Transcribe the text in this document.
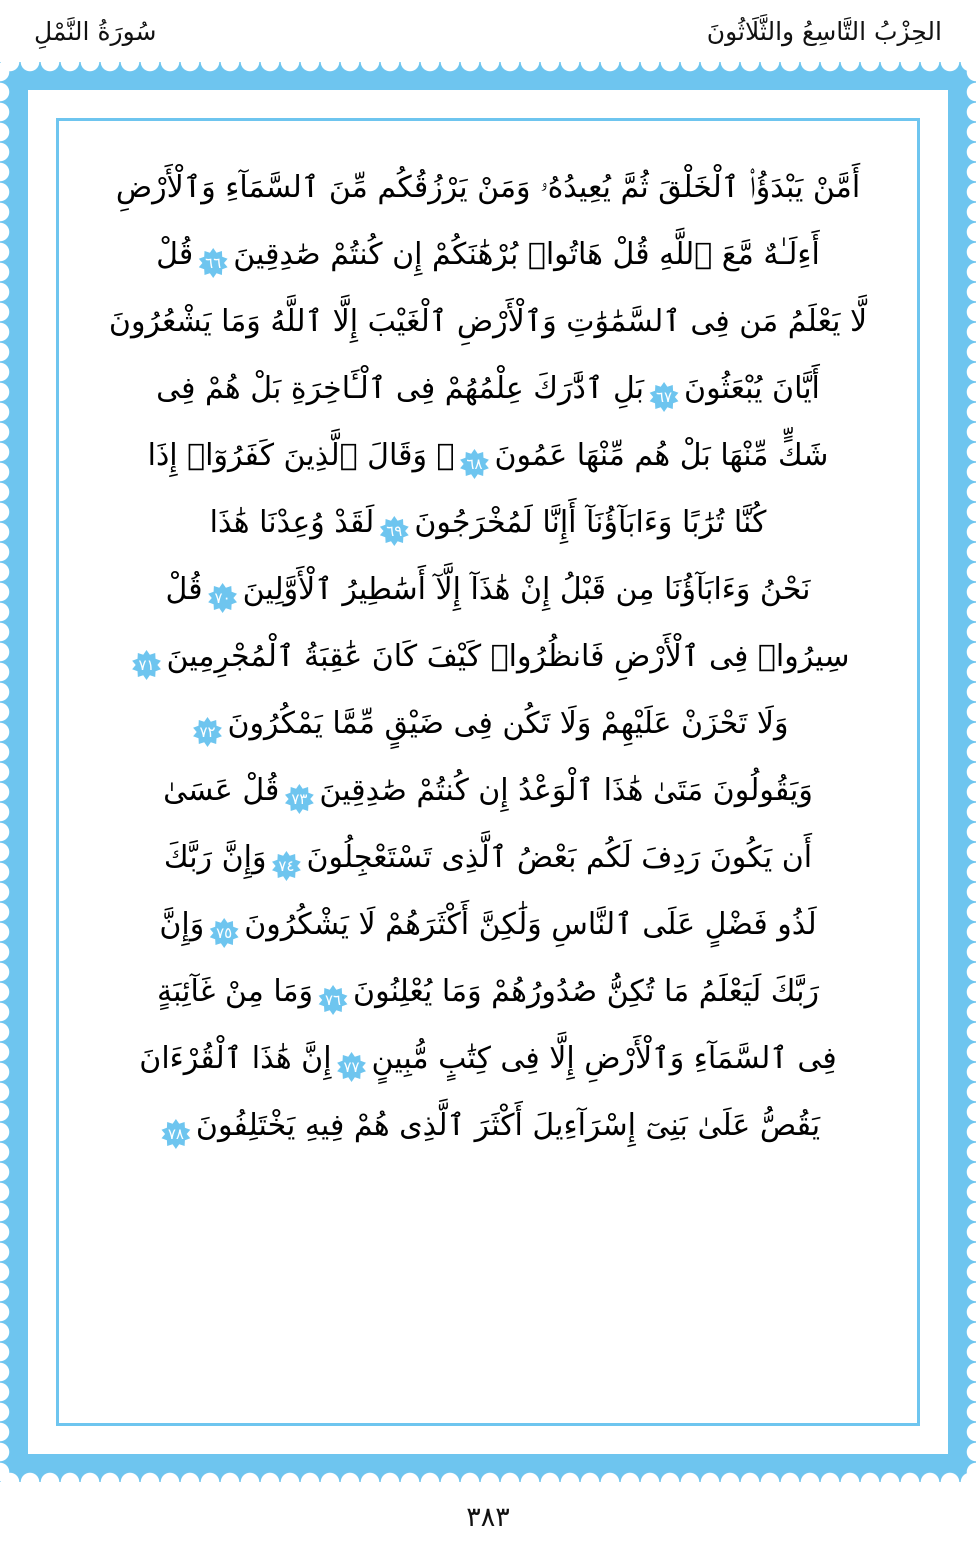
الحِزْبُ التَّاسِعُ والثَّلَاثُونَ
سُورَةُ النَّمْلِ
أَمَّنْ يَبْدَؤُا۟ ٱلْخَلْقَ ثُمَّ يُعِيدُهُۥ وَمَنْ يَرْزُقُكُم مِّنَ ٱلسَّمَآءِ وَٱلْأَرْضِ
أَءِلَـٰهٌ مَّعَ ٱللَّهِ قُلْ هَاتُوا۟ بُرْهَٰنَكُمْ إِن كُنتُمْ صَٰدِقِينَ
٦٦قُلْ
لَّا يَعْلَمُ مَن فِى ٱلسَّمَٰوَٰتِ وَٱلْأَرْضِ ٱلْغَيْبَ إِلَّا ٱللَّهُ وَمَا يَشْعُرُونَ
أَيَّانَ يُبْعَثُونَ
٦٧بَلِ ٱدَّٰرَكَ عِلْمُهُمْ فِى ٱلْـَٔاخِرَةِ بَلْ هُمْ فِى
شَكٍّ مِّنْهَا بَلْ هُم مِّنْهَا عَمُونَ
٦٨۞ وَقَالَ ٱلَّذِينَ كَفَرُوٓا۟ إِذَا
كُنَّا تُرَٰبًا وَءَابَآؤُنَآ أَإِنَّا لَمُخْرَجُونَ
٦٩لَقَدْ وُعِدْنَا هَٰذَا
نَحْنُ وَءَابَآؤُنَا مِن قَبْلُ إِنْ هَٰذَآ إِلَّآ أَسَٰطِيرُ ٱلْأَوَّلِينَ
٧٠قُلْ
سِيرُوا۟ فِى ٱلْأَرْضِ فَانظُرُوا۟ كَيْفَ كَانَ عَٰقِبَةُ ٱلْمُجْرِمِينَ
٧١
وَلَا تَحْزَنْ عَلَيْهِمْ وَلَا تَكُن فِى ضَيْقٍ مِّمَّا يَمْكُرُونَ
٧٢
وَيَقُولُونَ مَتَىٰ هَٰذَا ٱلْوَعْدُ إِن كُنتُمْ صَٰدِقِينَ
٧٣قُلْ عَسَىٰ
أَن يَكُونَ رَدِفَ لَكُم بَعْضُ ٱلَّذِى تَسْتَعْجِلُونَ
٧٤وَإِنَّ رَبَّكَ
لَذُو فَضْلٍ عَلَى ٱلنَّاسِ وَلَٰكِنَّ أَكْثَرَهُمْ لَا يَشْكُرُونَ
٧٥وَإِنَّ
رَبَّكَ لَيَعْلَمُ مَا تُكِنُّ صُدُورُهُمْ وَمَا يُعْلِنُونَ
٧٦وَمَا مِنْ غَآئِبَةٍ
فِى ٱلسَّمَآءِ وَٱلْأَرْضِ إِلَّا فِى كِتَٰبٍ مُّبِينٍ
٧٧إِنَّ هَٰذَا ٱلْقُرْءَانَ
يَقُصُّ عَلَىٰ بَنِىٓ إِسْرَآءِيلَ أَكْثَرَ ٱلَّذِى هُمْ فِيهِ يَخْتَلِفُونَ
٧٨
٣٨٣
